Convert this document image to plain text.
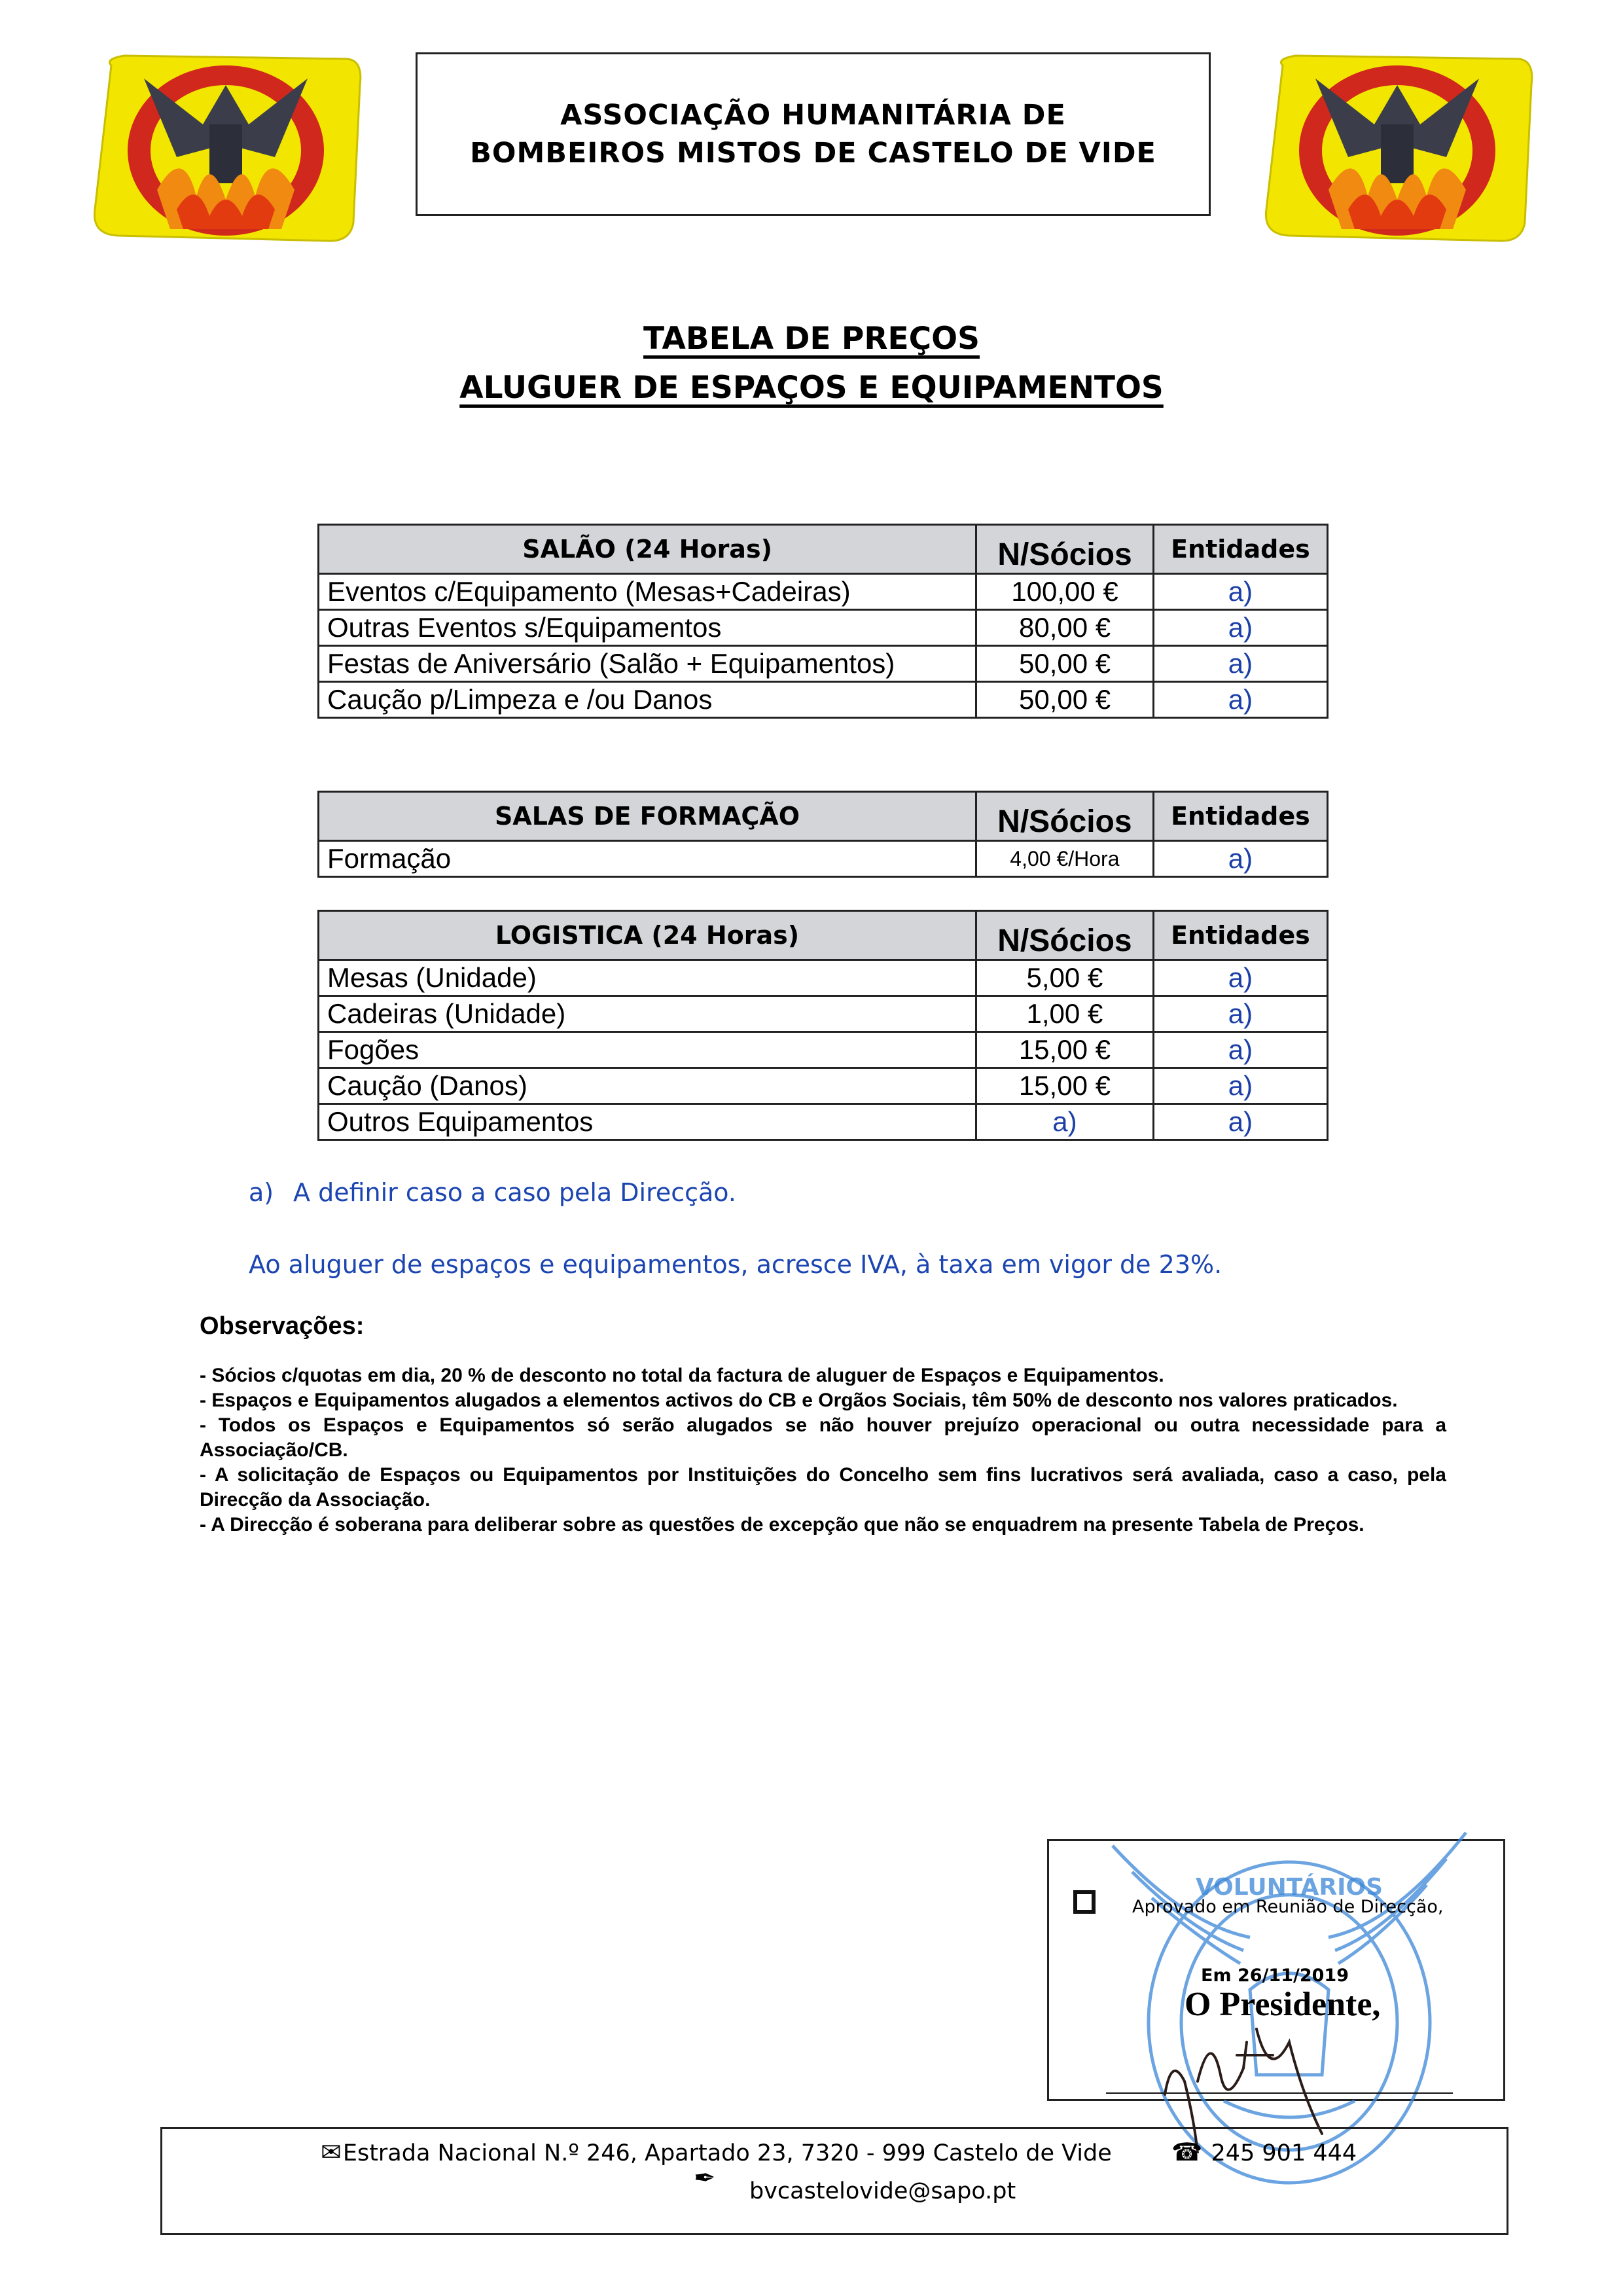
ASSOCIAÇÃO HUMANITÁRIA DE
BOMBEIROS MISTOS DE CASTELO DE VIDE
TABELA DE PREÇOS
ALUGUER DE ESPAÇOS E EQUIPAMENTOS
SALÃO (24 Horas)	N/Sócios	Entidades
Eventos c/Equipamento (Mesas+Cadeiras)	100,00 €	a)
Outras Eventos s/Equipamentos	80,00 €	a)
Festas de Aniversário (Salão + Equipamentos)	50,00 €	a)
Caução p/Limpeza e /ou Danos	50,00 €	a)
SALAS DE FORMAÇÃO	N/Sócios	Entidades
Formação	4,00 €/Hora	a)
LOGISTICA (24 Horas)	N/Sócios	Entidades
Mesas (Unidade)	5,00 €	a)
Cadeiras (Unidade)	1,00 €	a)
Fogões	15,00 €	a)
Caução (Danos)	15,00 €	a)
Outros Equipamentos	a)	a)
a) A definir caso a caso pela Direcção.
Ao aluguer de espaços e equipamentos, acresce IVA, à taxa em vigor de 23%.
Observações:

- Sócios c/quotas em dia, 20 % de desconto no total da factura de aluguer de Espaços e Equipamentos.

- Espaços e Equipamentos alugados a elementos activos do CB e Orgãos Sociais, têm 50% de desconto nos valores praticados.

- Todos os Espaços e Equipamentos só serão alugados se não houver prejuízo operacional ou outra necessidade para a Associação/CB.

- A solicitação de Espaços ou Equipamentos por Instituições do Concelho sem fins lucrativos será avaliada, caso a caso, pela Direcção da Associação.

- A Direcção é soberana para deliberar sobre as questões de excepção que não se enquadrem na presente Tabela de Preços.

VOLUNTÁRIOS
Aprovado em Reunião de Direcção,
Em 26/11/2019
O Presidente,
✉Estrada Nacional N.º 246, Apartado 23, 7320 - 999 Castelo de Vide ☎ 245 901 444
✒ bvcastelovide@sapo.pt
